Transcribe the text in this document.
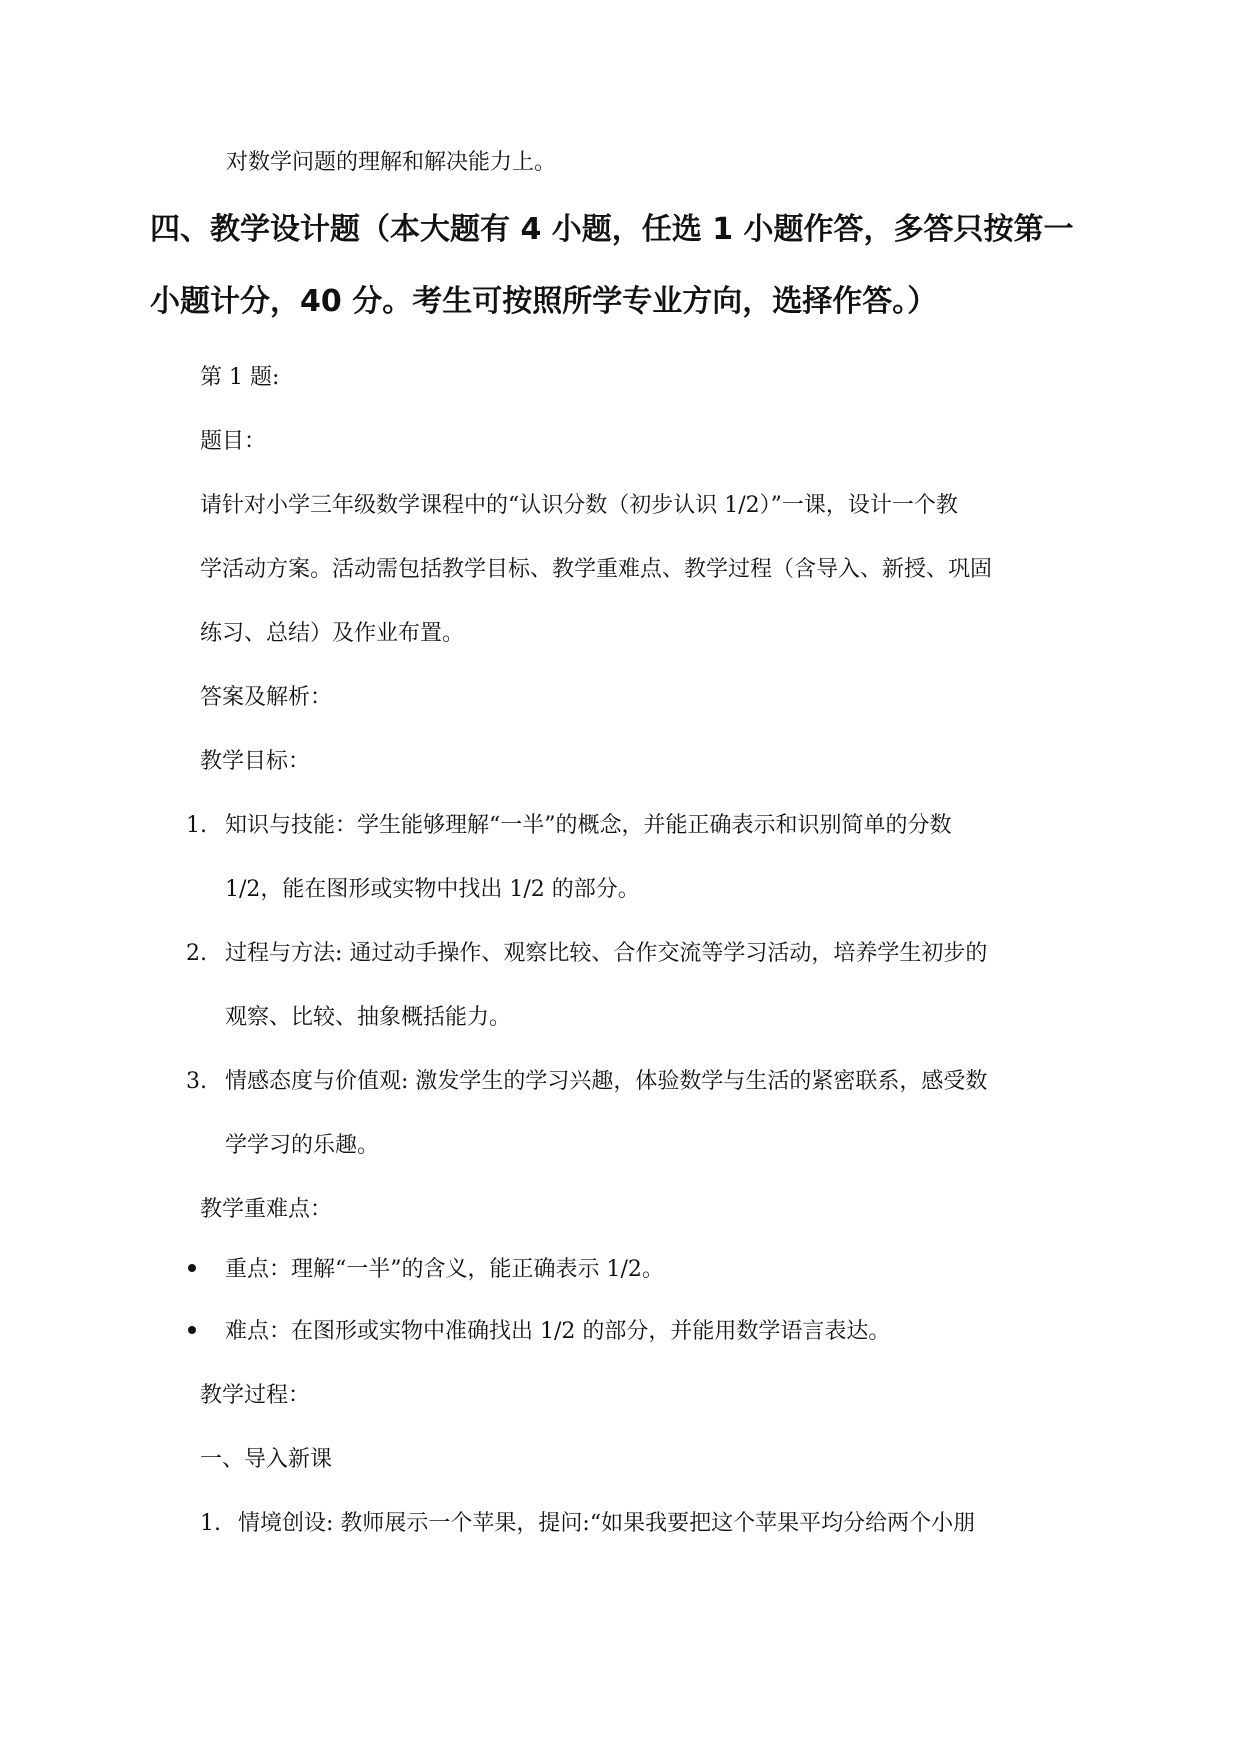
对数学问题的理解和解决能力上。
四、教学设计题（本大题有 4 小题，任选 1 小题作答，多答只按第一
小题计分，40 分。考生可按照所学专业方向，选择作答。）
第 1 题:
题目：
请针对小学三年级数学课程中的“认识分数（初步认识 1/2）”一课，设计一个教
学活动方案。活动需包括教学目标、教学重难点、教学过程（含导入、新授、巩固
练习、总结）及作业布置。
答案及解析：
教学目标：
1. 知识与技能：学生能够理解“一半”的概念，并能正确表示和识别简单的分数
1/2，能在图形或实物中找出 1/2 的部分。
2. 过程与方法: 通过动手操作、观察比较、合作交流等学习活动，培养学生初步的
观察、比较、抽象概括能力。
3. 情感态度与价值观: 激发学生的学习兴趣，体验数学与生活的紧密联系，感受数
学学习的乐趣。
教学重难点：
重点：理解“一半”的含义，能正确表示 1/2。
难点：在图形或实物中准确找出 1/2 的部分，并能用数学语言表达。
教学过程：
一、导入新课
1. 情境创设: 教师展示一个苹果，提问:“如果我要把这个苹果平均分给两个小朋
